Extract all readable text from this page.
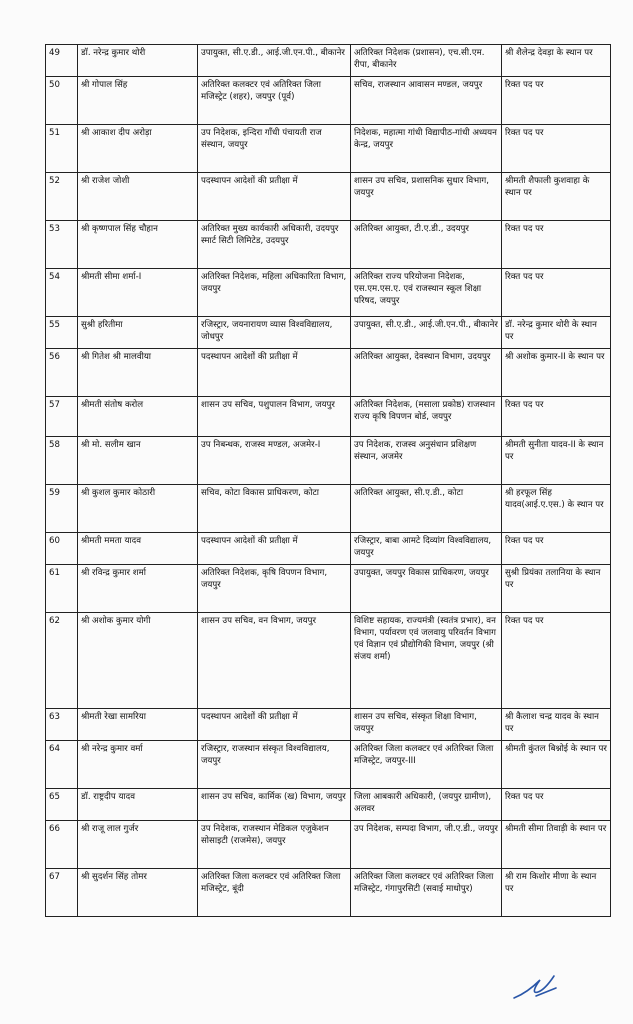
49	डॉ. नरेन्द्र कुमार थोरी	उपायुक्त, सी.ए.डी., आई.जी.एन.पी., बीकानेर	अतिरिक्त निदेशक (प्रशासन), एच.सी.एम. रीपा, बीकानेर	श्री शैलेन्द्र देवड़ा के स्थान पर
50	श्री गोपाल सिंह	अतिरिक्त कलक्टर एवं अतिरिक्त जिला मजिस्ट्रेट (शहर), जयपुर (पूर्व)	सचिव, राजस्थान आवासन मण्डल, जयपुर	रिक्त पद पर
51	श्री आकाश दीप अरोड़ा	उप निदेशक, इन्दिरा गाँधी पंचायती राज संस्थान, जयपुर	निदेशक, महात्मा गांधी विद्यापीठ-गांधी अध्ययन केन्द्र, जयपुर	रिक्त पद पर
52	श्री राजेश जोशी	पदस्थापन आदेशों की प्रतीक्षा में	शासन उप सचिव, प्रशासनिक सुधार विभाग, जयपुर	श्रीमती शैफाली कुशवाहा के स्थान पर
53	श्री कृष्णपाल सिंह चौहान	अतिरिक्त मुख्य कार्यकारी अधिकारी, उदयपुर स्मार्ट सिटी लिमिटेड, उदयपुर	अतिरिक्त आयुक्त, टी.ए.डी., उदयपुर	रिक्त पद पर
54	श्रीमती सीमा शर्मा-I	अतिरिक्त निदेशक, महिला अधिकारिता विभाग, जयपुर	अतिरिक्त राज्य परियोजना निदेशक, एस.एम.एस.ए. एवं राजस्थान स्कूल शिक्षा परिषद, जयपुर	रिक्त पद पर
55	सुश्री हरितीमा	रजिस्ट्रार, जयनारायण व्यास विश्वविद्यालय, जोधपुर	उपायुक्त, सी.ए.डी., आई.जी.एन.पी., बीकानेर	डॉ. नरेन्द्र कुमार थोरी के स्थान पर
56	श्री गितेश श्री मालवीया	पदस्थापन आदेशों की प्रतीक्षा में	अतिरिक्त आयुक्त, देवस्थान विभाग, उदयपुर	श्री अशोक कुमार-II के स्थान पर
57	श्रीमती संतोष करोल	शासन उप सचिव, पशुपालन विभाग, जयपुर	अतिरिक्त निदेशक, (मसाला प्रकोष्ठ) राजस्थान राज्य कृषि विपणन बोर्ड, जयपुर	रिक्त पद पर
58	श्री मो. सलीम खान	उप निबन्धक, राजस्व मण्डल, अजमेर-I	उप निदेशक, राजस्व अनुसंधान प्रशिक्षण संस्थान, अजमेर	श्रीमती सुनीता यादव-II के स्थान पर
59	श्री कुशल कुमार कोठारी	सचिव, कोटा विकास प्राधिकरण, कोटा	अतिरिक्त आयुक्त, सी.ए.डी., कोटा	श्री हरफूल सिंह यादव(आई.ए.एस.) के स्थान पर
60	श्रीमती ममता यादव	पदस्थापन आदेशों की प्रतीक्षा में	रजिस्ट्रार, बाबा आमटे दिव्यांग विश्वविद्यालय, जयपुर	रिक्त पद पर
61	श्री रविन्द्र कुमार शर्मा	अतिरिक्त निदेशक, कृषि विपणन विभाग, जयपुर	उपायुक्त, जयपुर विकास प्राधिकरण, जयपुर	सुश्री प्रियंका तलानिया के स्थान पर
62	श्री अशोक कुमार योगी	शासन उप सचिव, वन विभाग, जयपुर	विशिष्ट सहायक, राज्यमंत्री (स्वतंत्र प्रभार), वन विभाग, पर्यावरण एवं जलवायु परिवर्तन विभाग एवं विज्ञान एवं प्रौद्योगिकी विभाग, जयपुर (श्री संजय शर्मा)	रिक्त पद पर
63	श्रीमती रेखा सामरिया	पदस्थापन आदेशों की प्रतीक्षा में	शासन उप सचिव, संस्कृत शिक्षा विभाग, जयपुर	श्री कैलाश चन्द्र यादव के स्थान पर
64	श्री नरेन्द्र कुमार वर्मा	रजिस्ट्रार, राजस्थान संस्कृत विश्वविद्यालय, जयपुर	अतिरिक्त जिला कलक्टर एवं अतिरिक्त जिला मजिस्ट्रेट, जयपुर-III	श्रीमती कुंतल बिश्नोई के स्थान पर
65	डॉ. राष्ट्रदीप यादव	शासन उप सचिव, कार्मिक (ख) विभाग, जयपुर	जिला आबकारी अधिकारी, (जयपुर ग्रामीण), अलवर	रिक्त पद पर
66	श्री राजू लाल गुर्जर	उप निदेशक, राजस्थान मेडिकल एजुकेशन सोसाइटी (राजमेस), जयपुर	उप निदेशक, सम्पदा विभाग, जी.ए.डी., जयपुर	श्रीमती सीमा तिवाड़ी के स्थान पर
67	श्री सुदर्शन सिंह तोमर	अतिरिक्त जिला कलक्टर एवं अतिरिक्त जिला मजिस्ट्रेट, बूंदी	अतिरिक्त जिला कलक्टर एवं अतिरिक्त जिला मजिस्ट्रेट, गंगापुरसिटी (सवाई माधोपुर)	श्री राम किशोर मीणा के स्थान पर
